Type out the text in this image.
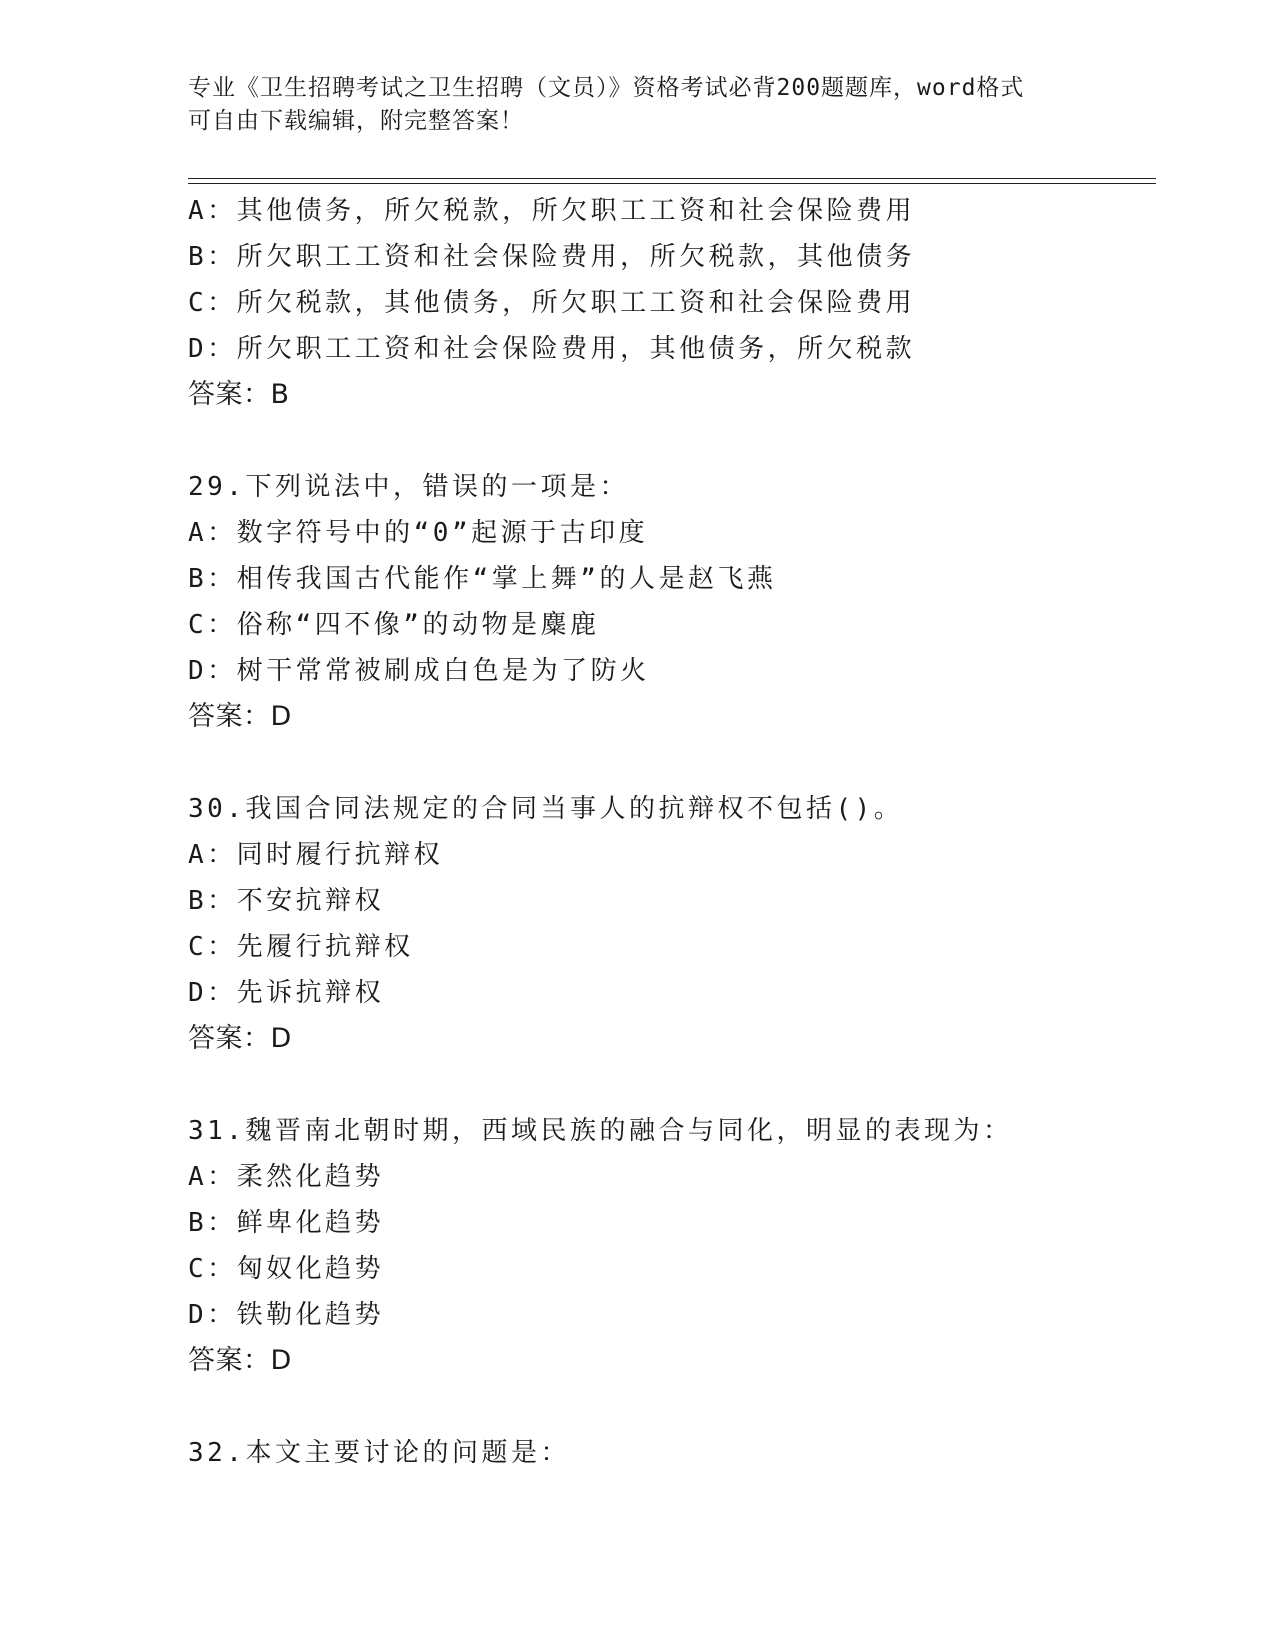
专业《卫生招聘考试之卫生招聘（文员）》资格考试必背200题题库，word格式
可自由下载编辑，附完整答案！
A：其他债务，所欠税款，所欠职工工资和社会保险费用
B：所欠职工工资和社会保险费用，所欠税款，其他债务
C：所欠税款，其他债务，所欠职工工资和社会保险费用
D：所欠职工工资和社会保险费用，其他债务，所欠税款
答案：B
29.下列说法中，错误的一项是：
A：数字符号中的“0”起源于古印度
B：相传我国古代能作“掌上舞”的人是赵飞燕
C：俗称“四不像”的动物是麋鹿
D：树干常常被刷成白色是为了防火
答案：D
30.我国合同法规定的合同当事人的抗辩权不包括()。
A：同时履行抗辩权
B：不安抗辩权
C：先履行抗辩权
D：先诉抗辩权
答案：D
31.魏晋南北朝时期，西域民族的融合与同化，明显的表现为：
A：柔然化趋势
B：鲜卑化趋势
C：匈奴化趋势
D：铁勒化趋势
答案：D
32.本文主要讨论的问题是：
